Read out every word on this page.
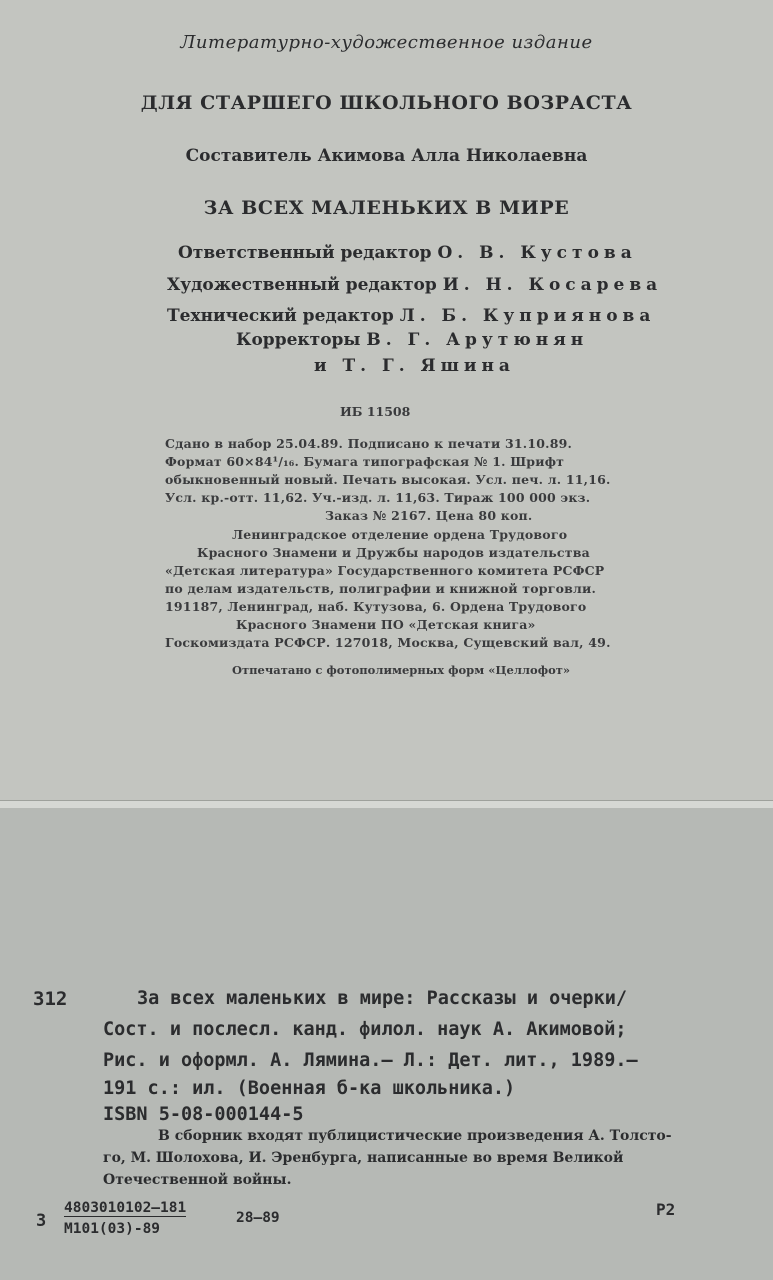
Литературно-художественное издание
ДЛЯ СТАРШЕГО ШКОЛЬНОГО ВОЗРАСТА
Составитель Акимова Алла Николаевна
ЗА ВСЕХ МАЛЕНЬКИХ В МИРЕ
Ответственный редактор О. В. Кустова
Художественный редактор И. Н. Косарева
Технический редактор Л. Б. Куприянова
Корректоры В. Г. Арутюнян
и Т. Г. Яшина
ИБ 11508
Сдано в набор 25.04.89. Подписано к печати 31.10.89.
Формат 60×84¹/₁₆. Бумага типографская № 1. Шрифт
обыкновенный новый. Печать высокая. Усл. печ. л. 11,16.
Усл. кр.-отт. 11,62. Уч.-изд. л. 11,63. Тираж 100 000 экз.
Заказ № 2167. Цена 80 коп.
Ленинградское отделение ордена Трудового
Красного Знамени и Дружбы народов издательства
«Детская литература» Государственного комитета РСФСР
по делам издательств, полиграфии и книжной торговли.
191187, Ленинград, наб. Кутузова, 6. Ордена Трудового
Красного Знамени ПО «Детская книга»
Госкомиздата РСФСР. 127018, Москва, Сущевский вал, 49.
Отпечатано с фотополимерных форм «Целлофот»
312	За всех маленьких в мире: Рассказы и очерки/
Сост. и послесл. канд. филол. наук А. Акимовой;
Рис. и оформл. А. Лямина.— Л.: Дет. лит., 1989.—
191 с.: ил. (Военная б-ка школьника.)
ISBN 5-08-000144-5
В сборник входят публицистические произведения А. Толсто-
го, М. Шолохова, И. Эренбурга, написанные во время Великой
Отечественной войны.
З
4803010102—181
М101(03)-89
28—89	Р2
